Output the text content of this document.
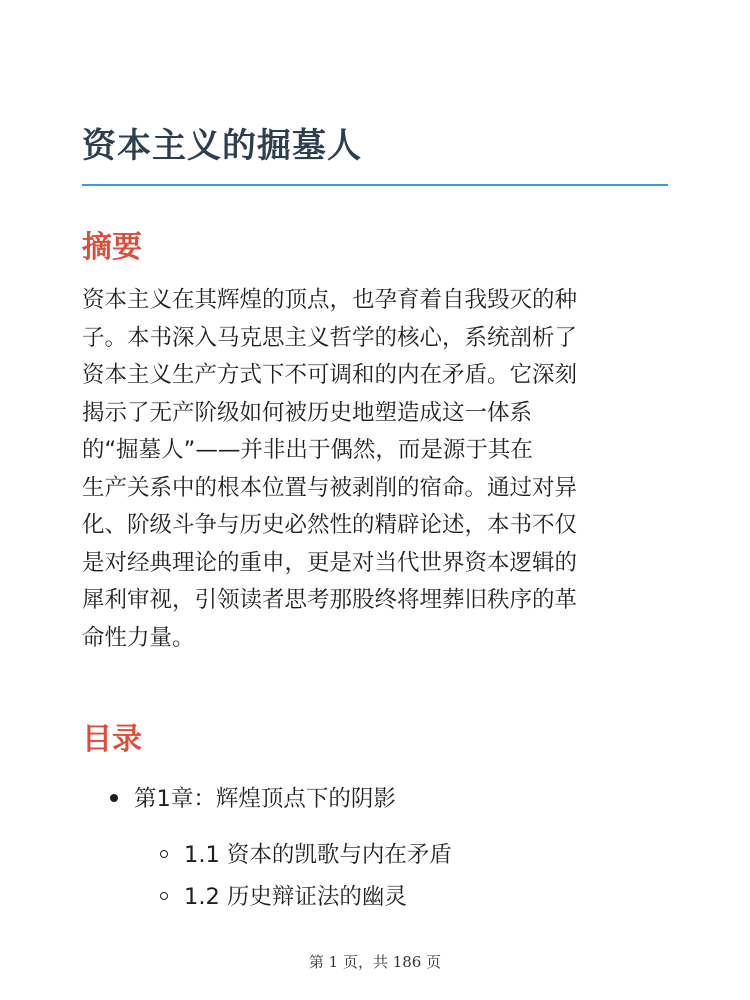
资本主义的掘墓人
摘要

资本主义在其辉煌的顶点，也孕育着自我毁灭的种
子。本书深入马克思主义哲学的核心，系统剖析了
资本主义生产方式下不可调和的内在矛盾。它深刻
揭示了无产阶级如何被历史地塑造成这一体系
的“掘墓人”——并非出于偶然，而是源于其在
生产关系中的根本位置与被剥削的宿命。通过对异
化、阶级斗争与历史必然性的精辟论述，本书不仅
是对经典理论的重申，更是对当代世界资本逻辑的
犀利审视，引领读者思考那股终将埋葬旧秩序的革
命性力量。

目录
第1章：辉煌顶点下的阴影
1.1 资本的凯歌与内在矛盾
1.2 历史辩证法的幽灵
第 1 页，共 186 页
